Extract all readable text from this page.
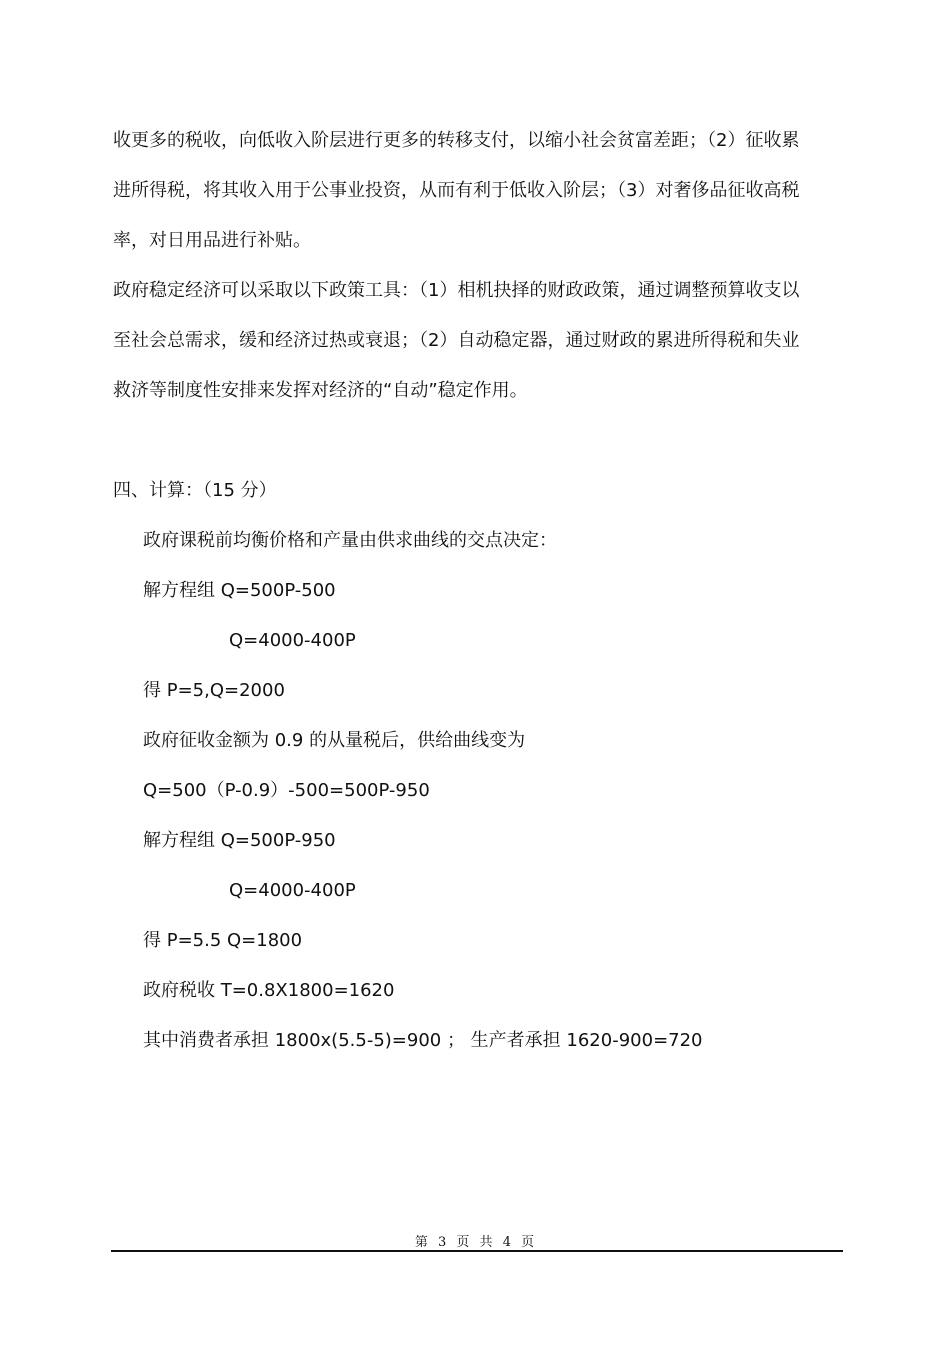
收更多的税收，向低收入阶层进行更多的转移支付，以缩小社会贫富差距；（2）征收累
进所得税，将其收入用于公事业投资，从而有利于低收入阶层；（3）对奢侈品征收高税
率，对日用品进行补贴。
政府稳定经济可以采取以下政策工具：（1）相机抉择的财政政策，通过调整预算收支以
至社会总需求，缓和经济过热或衰退；（2）自动稳定器，通过财政的累进所得税和失业
救济等制度性安排来发挥对经济的“自动”稳定作用。
四、计算：（15 分）
政府课税前均衡价格和产量由供求曲线的交点决定：
解方程组 Q=500P-500
Q=4000-400P
得 P=5,Q=2000
政府征收金额为 0.9 的从量税后，供给曲线变为
Q=500（P-0.9）-500=500P-950
解方程组 Q=500P-950
Q=4000-400P
得 P=5.5 Q=1800
政府税收 T=0.8X1800=1620
其中消费者承担 1800x(5.5-5)=900 ； 生产者承担 1620-900=720
第 3 页 共 4 页
